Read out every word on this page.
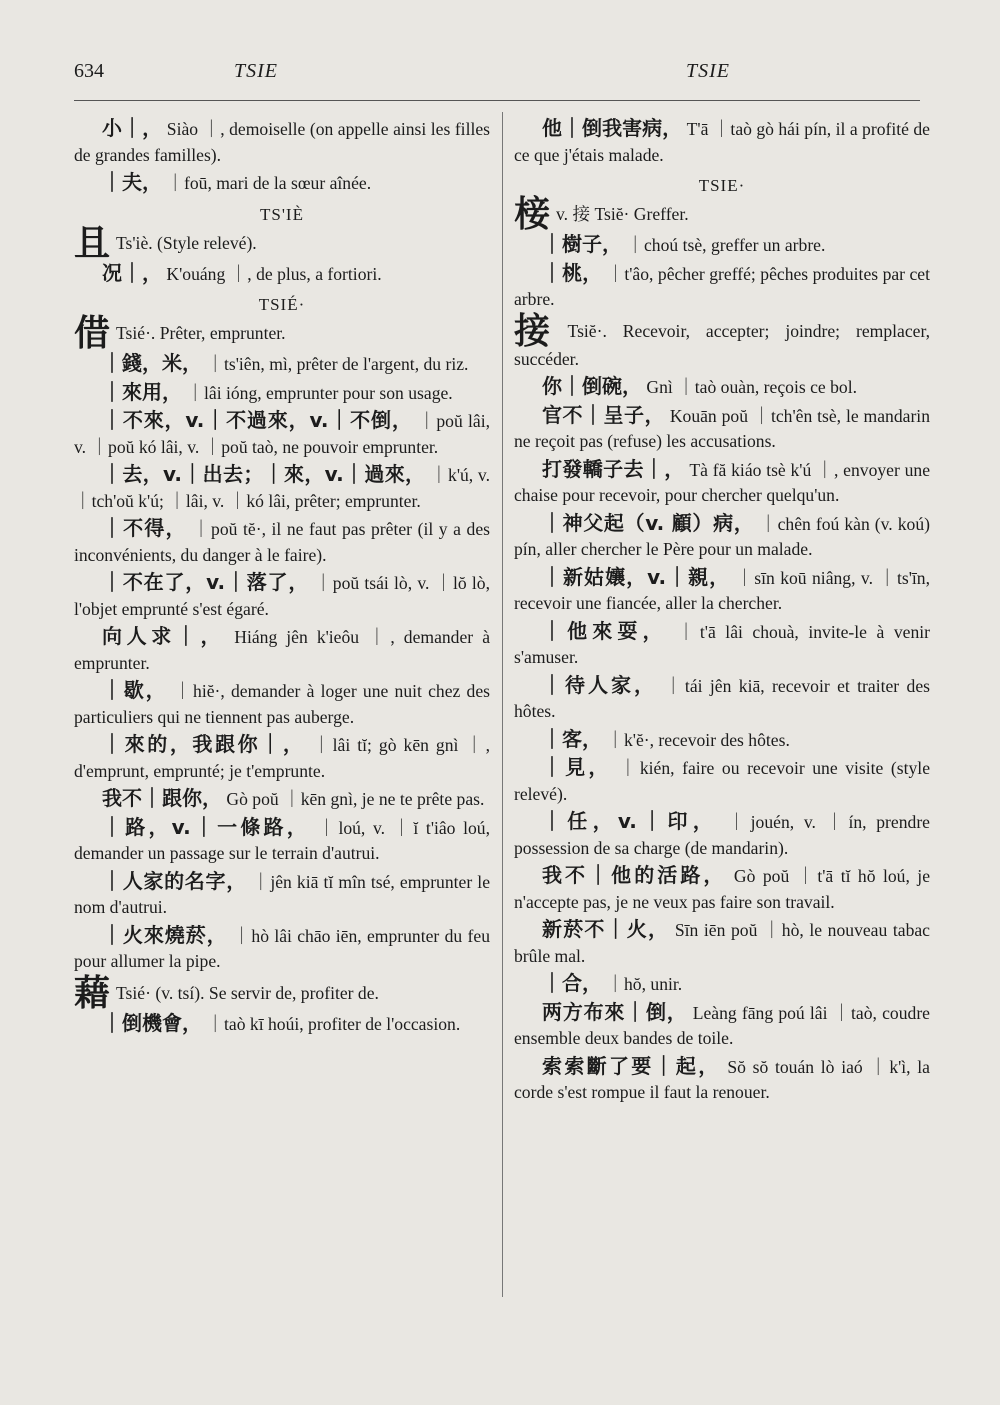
634	TSIE	TSIE

小｜， Siào ｜, demoiselle (on appelle ainsi les filles de grandes familles).

｜夫， ｜foū, mari de la sœur aînée.

TS'IÈ

且 Ts'iè. (Style relevé).

况｜， K'ouáng ｜, de plus, a fortiori.

TSIÉ·

借 Tsié·. Prêter, emprunter.

｜錢，米， ｜ts'iên, mì, prêter de l'argent, du riz.

｜來用， ｜lâi ióng, emprunter pour son usage.

｜不來，v.｜不過來，v.｜不倒， ｜poŭ lâi, v. ｜poŭ kó lâi, v. ｜poŭ taò, ne pouvoir emprunter.

｜去，v.｜出去；｜來，v.｜過來， ｜k'ú, v. ｜tch'oŭ k'ú; ｜lâi, v. ｜kó lâi, prêter; emprunter.

｜不得， ｜poŭ tĕ·, il ne faut pas prêter (il y a des inconvénients, du danger à le faire).

｜不在了，v.｜落了， ｜poŭ tsái lò, v. ｜lŏ lò, l'objet emprunté s'est égaré.

向人求｜， Hiáng jên k'ieôu ｜, demander à emprunter.

｜歇， ｜hiĕ·, demander à loger une nuit chez des particuliers qui ne tiennent pas auberge.

｜來的，我跟你｜， ｜lâi tĭ; gò kēn gnì ｜, d'emprunt, emprunté; je t'emprunte.

我不｜跟你， Gò poŭ ｜kēn gnì, je ne te prête pas.

｜路，v.｜一條路， ｜loú, v. ｜ĭ t'iâo loú, demander un passage sur le terrain d'autrui.

｜人家的名字， ｜jên kiā tĭ mîn tsé, emprunter le nom d'autrui.

｜火來燒菸， ｜hò lâi chāo iēn, emprunter du feu pour allumer la pipe.

藉 Tsié· (v. tsí). Se servir de, profiter de.

｜倒機會， ｜taò kī hoúi, profiter de l'occasion.

他｜倒我害病， T'ā ｜taò gò hái pín, il a profité de ce que j'étais malade.

TSIE·

椄v. 接 Tsiĕ· Greffer.

｜樹子， ｜choú tsè, greffer un arbre.

｜桃， ｜t'âo, pêcher greffé; pêches produites par cet arbre.

接 Tsiĕ·. Recevoir, accepter; joindre; remplacer, succéder.

你｜倒碗， Gnì ｜taò ouàn, reçois ce bol.

官不｜呈子， Kouān poŭ ｜tch'ên tsè, le mandarin ne reçoit pas (refuse) les accusations.

打發轎子去｜， Tà fă kiáo tsè k'ú ｜, envoyer une chaise pour recevoir, pour chercher quelqu'un.

｜神父起（v. 顧）病， ｜chên foú kàn (v. koú) pín, aller chercher le Père pour un malade.

｜新姑孃，v.｜親， ｜sīn koū niâng, v. ｜ts'īn, recevoir une fiancée, aller la chercher.

｜他來耍， ｜t'ā lâi chouà, invite-le à venir s'amuser.

｜待人家， ｜tái jên kiā, recevoir et traiter des hôtes.

｜客， ｜k'ĕ·, recevoir des hôtes.

｜見， ｜kién, faire ou recevoir une visite (style relevé).

｜任，v.｜印， ｜jouén, v. ｜ín, prendre possession de sa charge (de mandarin).

我不｜他的活路， Gò poŭ ｜t'ā tĭ hŏ loú, je n'accepte pas, je ne veux pas faire son travail.

新菸不｜火， Sīn iēn poŭ ｜hò, le nouveau tabac brûle mal.

｜合， ｜hŏ, unir.

两方布來｜倒， Leàng fāng poú lâi ｜taò, coudre ensemble deux bandes de toile.

索索斷了要｜起， Sŏ sŏ touán lò iaó ｜k'ì, la corde s'est rompue il faut la renouer.
